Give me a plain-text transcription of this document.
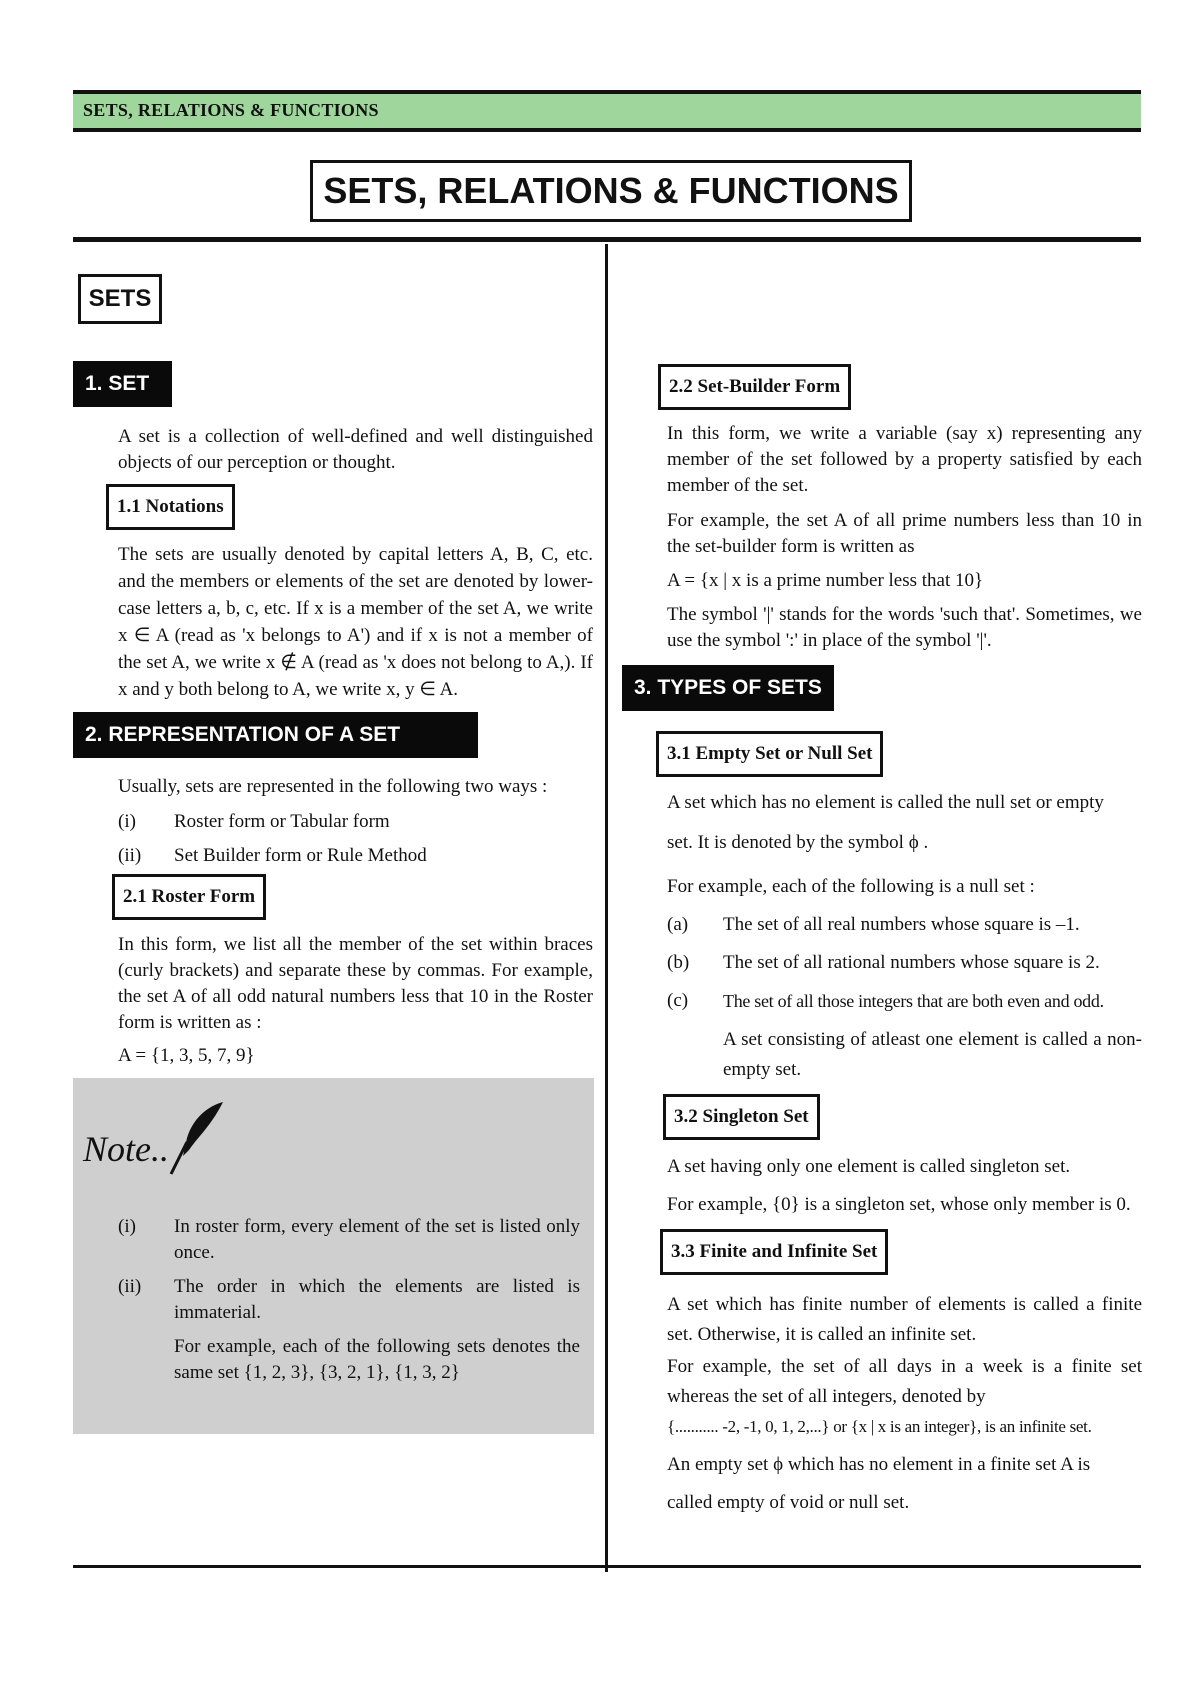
SETS, RELATIONS & FUNCTIONS
SETS, RELATIONS & FUNCTIONS
SETS
1. SET
A set is a collection of well-defined and well distinguished objects of our perception or thought.
1.1 Notations
The sets are usually denoted by capital letters A, B, C, etc. and the members or elements of the set are denoted by lower-case letters a, b, c, etc. If x is a member of the set A, we write x ∈ A (read as 'x belongs to A') and if x is not a member of the set A, we write x ∉ A (read as 'x does not belong to A,). If x and y both belong to A, we write x, y ∈ A.
2. REPRESENTATION OF A SET
Usually, sets are represented in the following two ways :
(i) Roster form or Tabular form
(ii) Set Builder form or Rule Method
2.1 Roster Form
In this form, we list all the member of the set within braces (curly brackets) and separate these by commas. For example, the set A of all odd natural numbers less that 10 in the Roster form is written as :
A = {1, 3, 5, 7, 9}
Note..
(i) In roster form, every element of the set is listed only once.
(ii) The order in which the elements are listed is immaterial.
For example, each of the following sets denotes the same set {1, 2, 3}, {3, 2, 1}, {1, 3, 2}
2.2 Set-Builder Form
In this form, we write a variable (say x) representing any member of the set followed by a property satisfied by each member of the set.
For example, the set A of all prime numbers less than 10 in the set-builder form is written as
A = {x | x is a prime number less that 10}
The symbol '|' stands for the words 'such that'. Sometimes, we use the symbol ':' in place of the symbol '|'.
3. TYPES OF SETS
3.1 Empty Set or Null Set
A set which has no element is called the null set or empty
set. It is denoted by the symbol ϕ .
For example, each of the following is a null set :
(a) The set of all real numbers whose square is –1.
(b) The set of all rational numbers whose square is 2.
(c) The set of all those integers that are both even and odd.
A set consisting of atleast one element is called a non-empty set.
3.2 Singleton Set
A set having only one element is called singleton set.
For example, {0} is a singleton set, whose only member is 0.
3.3 Finite and Infinite Set
A set which has finite number of elements is called a finite set. Otherwise, it is called an infinite set.
For example, the set of all days in a week is a finite set whereas the set of all integers, denoted by
{........... -2, -1, 0, 1, 2,...} or {x | x is an integer}, is an infinite set.
An empty set ϕ which has no element in a finite set A is
called empty of void or null set.
